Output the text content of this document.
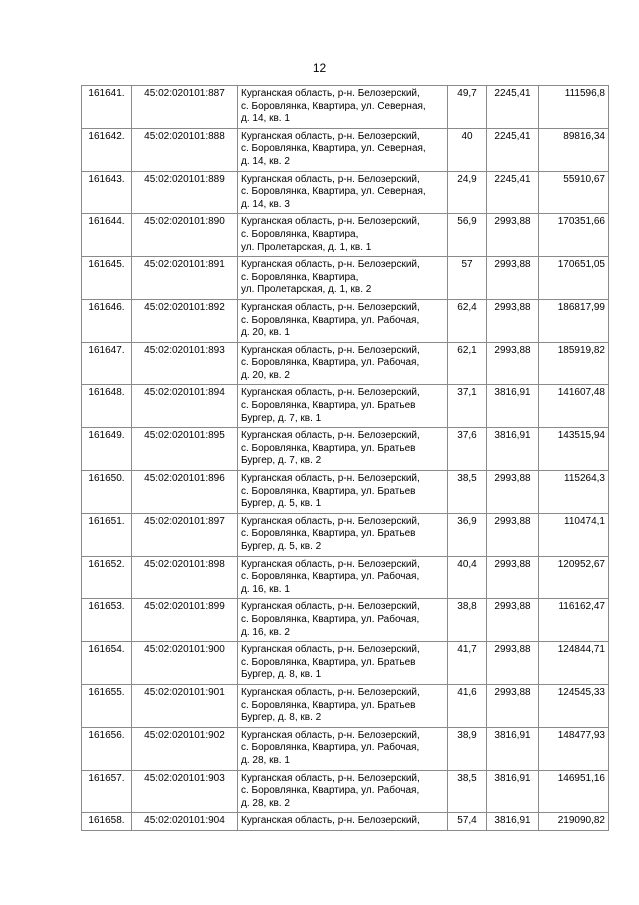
12
161641.	45:02:020101:887	Курганская область, р-н. Белозерский,
с. Боровлянка, Квартира, ул. Северная,
д. 14, кв. 1	49,7	2245,41	111596,8
161642.	45:02:020101:888	Курганская область, р-н. Белозерский,
с. Боровлянка, Квартира, ул. Северная,
д. 14, кв. 2	40	2245,41	89816,34
161643.	45:02:020101:889	Курганская область, р-н. Белозерский,
с. Боровлянка, Квартира, ул. Северная,
д. 14, кв. 3	24,9	2245,41	55910,67
161644.	45:02:020101:890	Курганская область, р-н. Белозерский,
с. Боровлянка, Квартира,
ул. Пролетарская, д. 1, кв. 1	56,9	2993,88	170351,66
161645.	45:02:020101:891	Курганская область, р-н. Белозерский,
с. Боровлянка, Квартира,
ул. Пролетарская, д. 1, кв. 2	57	2993,88	170651,05
161646.	45:02:020101:892	Курганская область, р-н. Белозерский,
с. Боровлянка, Квартира, ул. Рабочая,
д. 20, кв. 1	62,4	2993,88	186817,99
161647.	45:02:020101:893	Курганская область, р-н. Белозерский,
с. Боровлянка, Квартира, ул. Рабочая,
д. 20, кв. 2	62,1	2993,88	185919,82
161648.	45:02:020101:894	Курганская область, р-н. Белозерский,
с. Боровлянка, Квартира, ул. Братьев
Бургер, д. 7, кв. 1	37,1	3816,91	141607,48
161649.	45:02:020101:895	Курганская область, р-н. Белозерский,
с. Боровлянка, Квартира, ул. Братьев
Бургер, д. 7, кв. 2	37,6	3816,91	143515,94
161650.	45:02:020101:896	Курганская область, р-н. Белозерский,
с. Боровлянка, Квартира, ул. Братьев
Бургер, д. 5, кв. 1	38,5	2993,88	115264,3
161651.	45:02:020101:897	Курганская область, р-н. Белозерский,
с. Боровлянка, Квартира, ул. Братьев
Бургер, д. 5, кв. 2	36,9	2993,88	110474,1
161652.	45:02:020101:898	Курганская область, р-н. Белозерский,
с. Боровлянка, Квартира, ул. Рабочая,
д. 16, кв. 1	40,4	2993,88	120952,67
161653.	45:02:020101:899	Курганская область, р-н. Белозерский,
с. Боровлянка, Квартира, ул. Рабочая,
д. 16, кв. 2	38,8	2993,88	116162,47
161654.	45:02:020101:900	Курганская область, р-н. Белозерский,
с. Боровлянка, Квартира, ул. Братьев
Бургер, д. 8, кв. 1	41,7	2993,88	124844,71
161655.	45:02:020101:901	Курганская область, р-н. Белозерский,
с. Боровлянка, Квартира, ул. Братьев
Бургер, д. 8, кв. 2	41,6	2993,88	124545,33
161656.	45:02:020101:902	Курганская область, р-н. Белозерский,
с. Боровлянка, Квартира, ул. Рабочая,
д. 28, кв. 1	38,9	3816,91	148477,93
161657.	45:02:020101:903	Курганская область, р-н. Белозерский,
с. Боровлянка, Квартира, ул. Рабочая,
д. 28, кв. 2	38,5	3816,91	146951,16
161658.	45:02:020101:904	Курганская область, р-н. Белозерский,	57,4	3816,91	219090,82
